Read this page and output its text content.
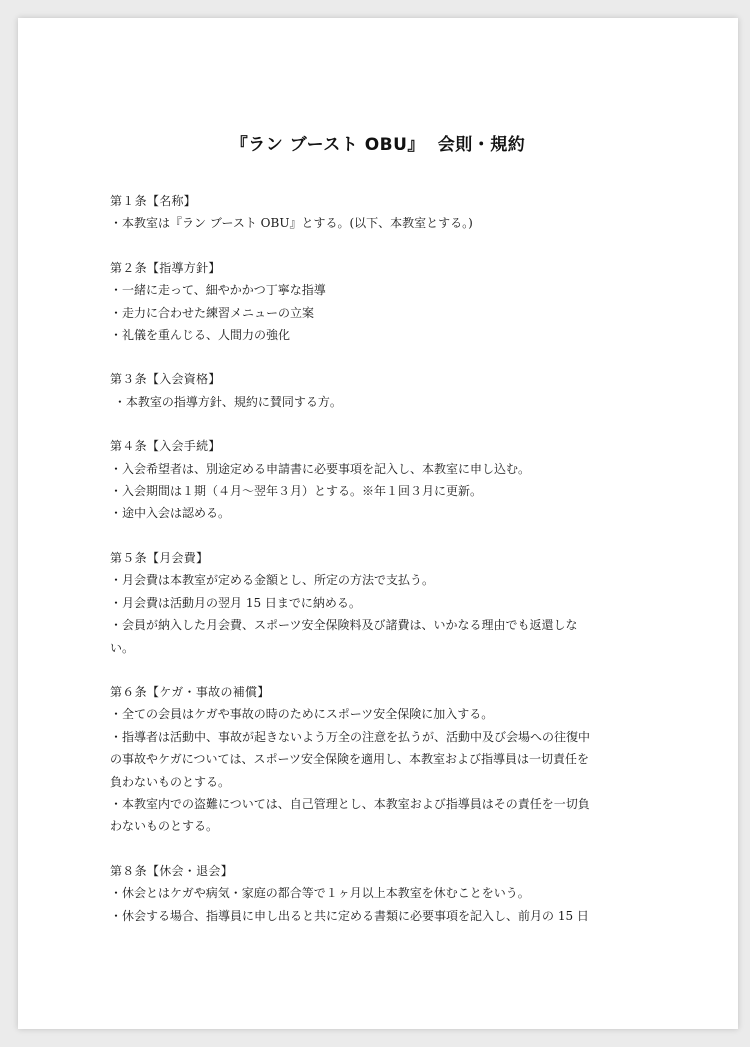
『ラン ブースト OBU』  会則・規約
第１条【名称】
・本教室は『ラン ブースト OBU』とする。(以下、本教室とする。)
第２条【指導方針】
・一緒に走って、細やかかつ丁寧な指導
・走力に合わせた練習メニューの立案
・礼儀を重んじる、人間力の強化
第３条【入会資格】
・本教室の指導方針、規約に賛同する方。
第４条【入会手続】
・入会希望者は、別途定める申請書に必要事項を記入し、本教室に申し込む。
・入会期間は１期（４月～翌年３月）とする。※年１回３月に更新。
・途中入会は認める。
第５条【月会費】
・月会費は本教室が定める金額とし、所定の方法で支払う。
・月会費は活動月の翌月 15 日までに納める。
・会員が納入した月会費、スポーツ安全保険料及び諸費は、いかなる理由でも返還しな
い。
第６条【ケガ・事故の補償】
・全ての会員はケガや事故の時のためにスポーツ安全保険に加入する。
・指導者は活動中、事故が起きないよう万全の注意を払うが、活動中及び会場への往復中
の事故やケガについては、スポーツ安全保険を適用し、本教室および指導員は一切責任を
負わないものとする。
・本教室内での盗難については、自己管理とし、本教室および指導員はその責任を一切負
わないものとする。
第８条【休会・退会】
・休会とはケガや病気・家庭の都合等で１ヶ月以上本教室を休むことをいう。
・休会する場合、指導員に申し出ると共に定める書類に必要事項を記入し、前月の 15 日
